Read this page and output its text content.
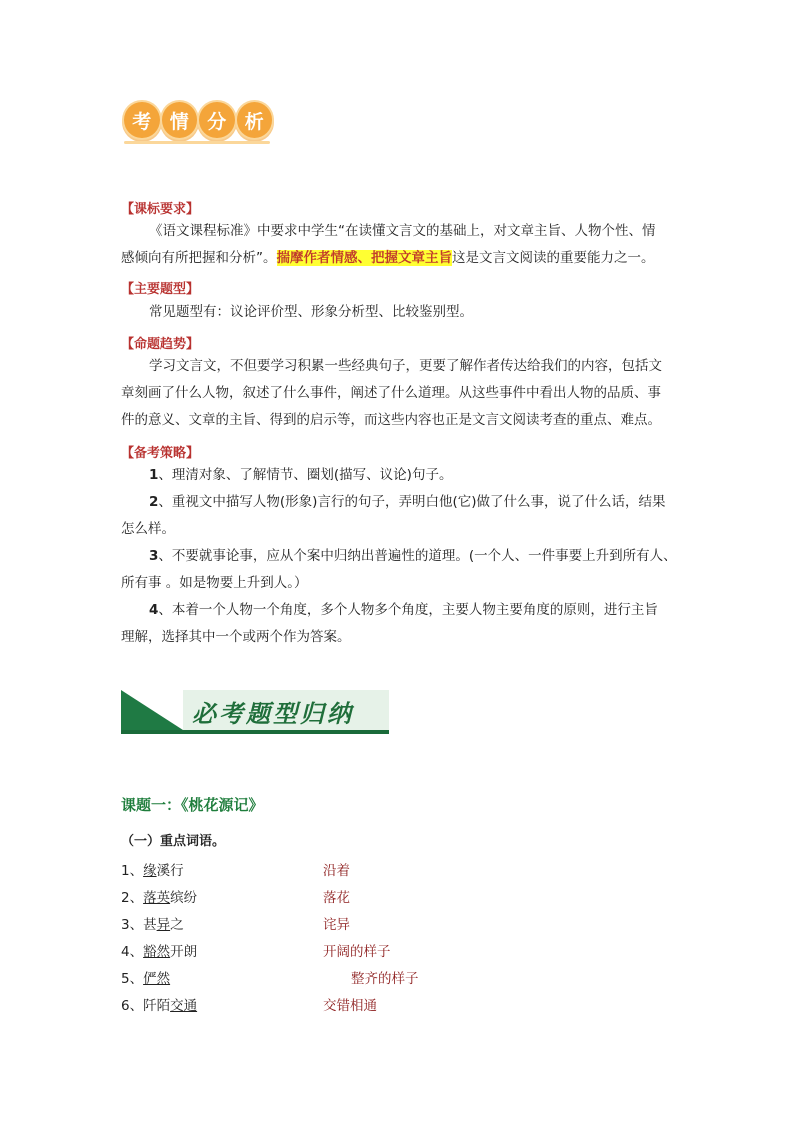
考 情 分 析
【课标要求】
《语文课程标准》中要求中学生“在读懂文言文的基础上，对文章主旨、人物个性、情
感倾向有所把握和分析”。揣摩作者情感、把握文章主旨这是文言文阅读的重要能力之一。
【主要题型】
常见题型有：议论评价型、形象分析型、比较鉴别型。
【命题趋势】
学习文言文，不但要学习积累一些经典句子，更要了解作者传达给我们的内容，包括文
章刻画了什么人物，叙述了什么事件，阐述了什么道理。从这些事件中看出人物的品质、事
件的意义、文章的主旨、得到的启示等，而这些内容也正是文言文阅读考查的重点、难点。
【备考策略】
1、理清对象、了解情节、圈划(描写、议论)句子。
2、重视文中描写人物(形象)言行的句子，弄明白他(它)做了什么事，说了什么话，结果
怎么样。
3、不要就事论事，应从个案中归纳出普遍性的道理。(一个人、一件事要上升到所有人、
所有事 。如是物要上升到人。）
4、本着一个人物一个角度，多个人物多个角度，主要人物主要角度的原则，进行主旨
理解，选择其中一个或两个作为答案。
必考题型归纳
课题一：《桃花源记》
（一）重点词语。
1、缘溪行	沿着
2、落英缤纷	落花
3、甚异之	诧异
4、豁然开朗	开阔的样子
5、俨然	整齐的样子
6、阡陌交通	交错相通
